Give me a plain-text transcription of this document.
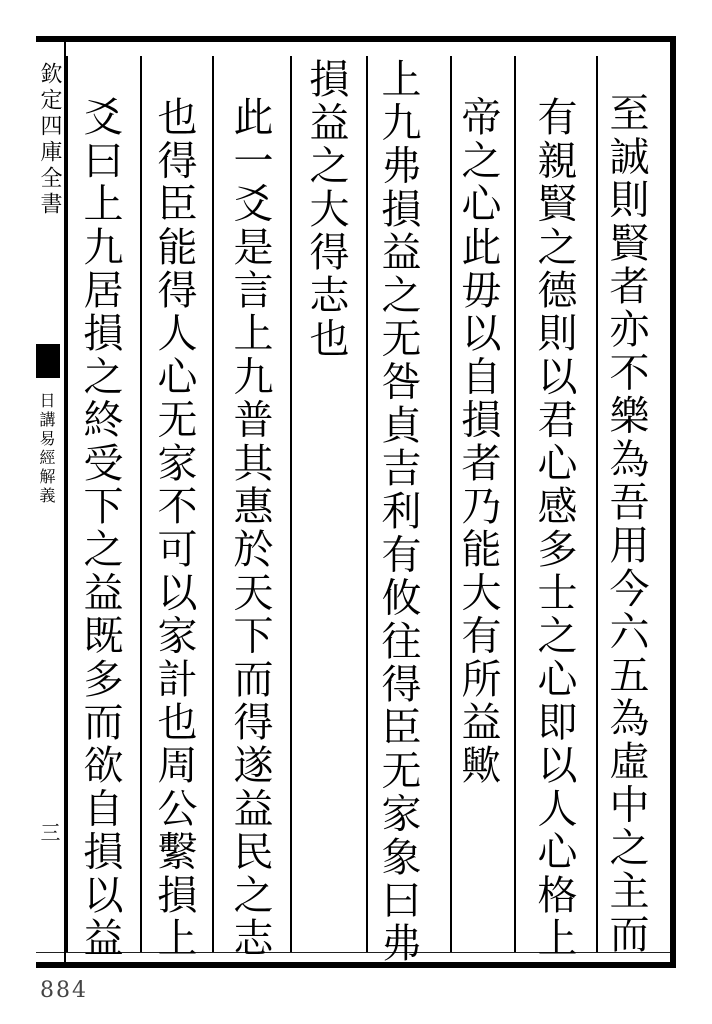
欽定四庫全書
日講易經解義
三	至誠則賢者亦不樂為吾用今六五為虛中之主而
有親賢之德則以君心感多士之心即以人心格上
帝之心此毋以自損者乃能大有所益歟
上九弗損益之无咎貞吉利有攸往得臣无家象曰弗
損益之大得志也
此一爻是言上九普其惠於天下而得遂益民之志
也得臣能得人心无家不可以家計也周公繫損上
爻曰上九居損之終受下之益既多而欲自損以益
884
